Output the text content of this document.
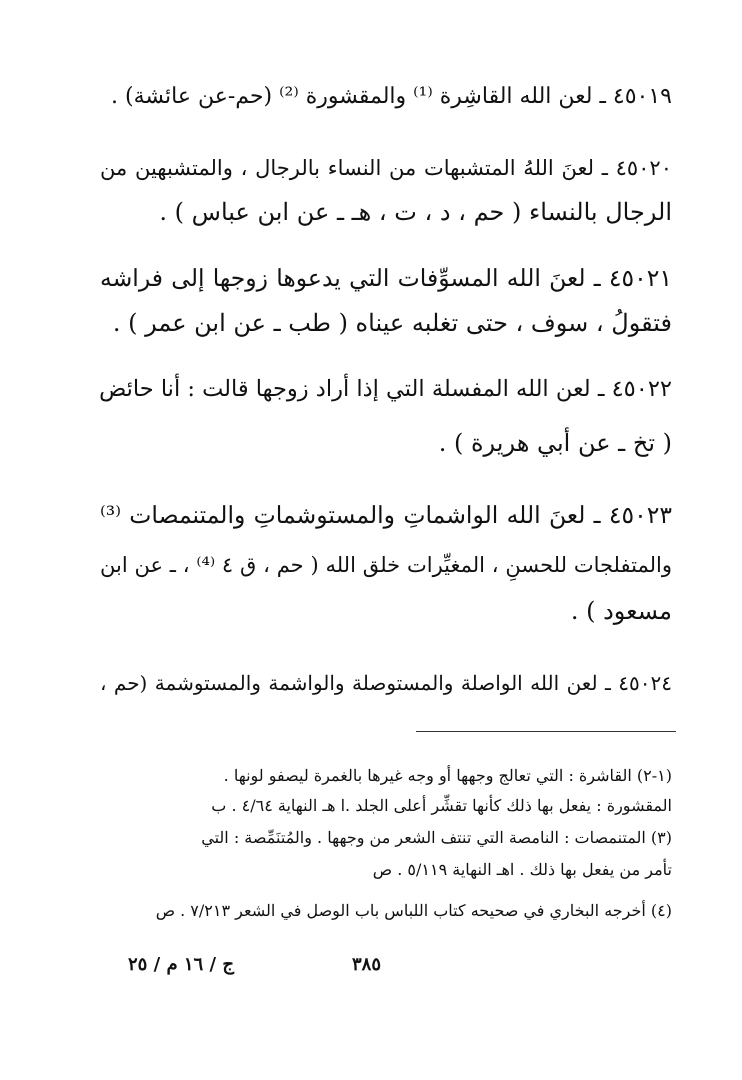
٤٥٠١٩ ـ لعن الله القاشِرة ⁽¹⁾ والمقشورة ⁽²⁾ (حم-عن عائشة) .
٤٥٠٢٠ ـ لعنَ اللهُ المتشبهات من النساء بالرجال ، والمتشبهين من
الرجال بالنساء ( حم ، د ، ت ، هـ ـ عن ابن عباس ) .
٤٥٠٢١ ـ لعنَ الله المسوِّفات التي يدعوها زوجها إلى فراشه
فتقولُ ، سوف ، حتى تغلبه عيناه ( طب ـ عن ابن عمر ) .
٤٥٠٢٢ ـ لعن الله المفسلة التي إذا أراد زوجها قالت : أنا حائض
( تخ ـ عن أبي هريرة ) .
٤٥٠٢٣ ـ لعنَ الله الواشماتِ والمستوشماتِ والمتنمصات ⁽³⁾
والمتفلجات للحسنِ ، المغيِّرات خلق الله ( حم ، ق ٤ ⁽⁴⁾ ، ـ عن ابن
مسعود ) .
٤٥٠٢٤ ـ لعن الله الواصلة والمستوصلة والواشمة والمستوشمة (حم ،
(١-٢) القاشرة : التي تعالج وجهها أو وجه غيرها بالغمرة ليصفو لونها .
المقشورة : يفعل بها ذلك كأنها تقشِّر أعلى الجلد .ا هـ النهاية ٤/٦٤ . ب
(٣) المتنمصات : النامصة التي تنتف الشعر من وجهها . والمُتنَمِّصة : التي
تأمر من يفعل بها ذلك . اهـ النهاية ٥/١١٩ . ص
(٤) أخرجه البخاري في صحيحه كتاب اللباس باب الوصل في الشعر ٧/٢١٣ . ص
٣٨٥
ج / ١٦ م / ٢٥
